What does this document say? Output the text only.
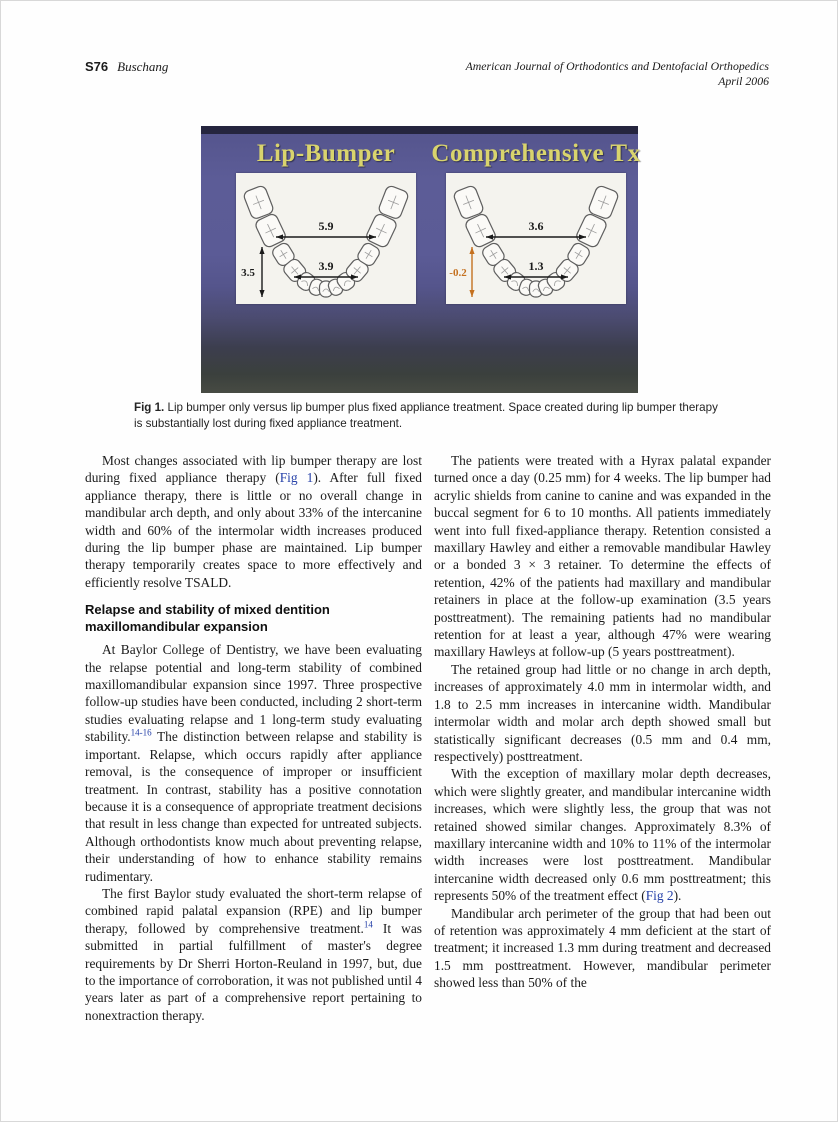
S76 Buschang	American Journal of Orthodontics and Dentofacial Orthopedics
April 2006
Lip-Bumper	Comprehensive Tx
5.9
3.5	3.9
3.6
-0.2	1.3
Fig 1. Lip bumper only versus lip bumper plus fixed appliance treatment. Space created during lip bumper therapy is substantially lost during fixed appliance treatment.

Most changes associated with lip bumper therapy are lost during fixed appliance therapy (Fig 1). After full fixed appliance therapy, there is little or no overall change in mandibular arch depth, and only about 33% of the intercanine width and 60% of the intermolar width increases produced during the lip bumper phase are maintained. Lip bumper therapy temporarily creates space to more effectively and efficiently resolve TSALD.

Relapse and stability of mixed dentition maxillomandibular expansion

At Baylor College of Dentistry, we have been evaluating the relapse potential and long-term stability of combined maxillomandibular expansion since 1997. Three prospective follow-up studies have been conducted, including 2 short-term studies evaluating relapse and 1 long-term study evaluating stability.$^{14-16}$ The distinction between relapse and stability is important. Relapse, which occurs rapidly after appliance removal, is the consequence of improper or insufficient treatment. In contrast, stability has a positive connotation because it is a consequence of appropriate treatment decisions that result in less change than expected for untreated subjects. Although orthodontists know much about preventing relapse, their understanding of how to enhance stability remains rudimentary.

The first Baylor study evaluated the short-term relapse of combined rapid palatal expansion (RPE) and lip bumper therapy, followed by comprehensive treatment.$^{14}$ It was submitted in partial fulfillment of master's degree requirements by Dr Sherri Horton-Reuland in 1997, but, due to the importance of corroboration, it was not published until 4 years later as part of a comprehensive report pertaining to nonextraction therapy.

The patients were treated with a Hyrax palatal expander turned once a day (0.25 mm) for 4 weeks. The lip bumper had acrylic shields from canine to canine and was expanded in the buccal segment for 6 to 10 months. All patients immediately went into full fixed-appliance therapy. Retention consisted a maxillary Hawley and either a removable mandibular Hawley or a bonded 3 × 3 retainer. To determine the effects of retention, 42% of the patients had maxillary and mandibular retainers in place at the follow-up examination (3.5 years posttreatment). The remaining patients had no mandibular retention for at least a year, although 47% were wearing maxillary Hawleys at follow-up (5 years posttreatment).

The retained group had little or no change in arch depth, increases of approximately 4.0 mm in intermolar width, and 1.8 to 2.5 mm increases in intercanine width. Mandibular intermolar width and molar arch depth showed small but statistically significant decreases (0.5 mm and 0.4 mm, respectively) posttreatment.

With the exception of maxillary molar depth decreases, which were slightly greater, and mandibular intercanine width increases, which were slightly less, the group that was not retained showed similar changes. Approximately 8.3% of maxillary intercanine width and 10% to 11% of the intermolar width increases were lost posttreatment. Mandibular intercanine width decreased only 0.6 mm posttreatment; this represents 50% of the treatment effect (Fig 2).

Mandibular arch perimeter of the group that had been out of retention was approximately 4 mm deficient at the start of treatment; it increased 1.3 mm during treatment and decreased 1.5 mm posttreatment. However, mandibular perimeter showed less than 50% of the
